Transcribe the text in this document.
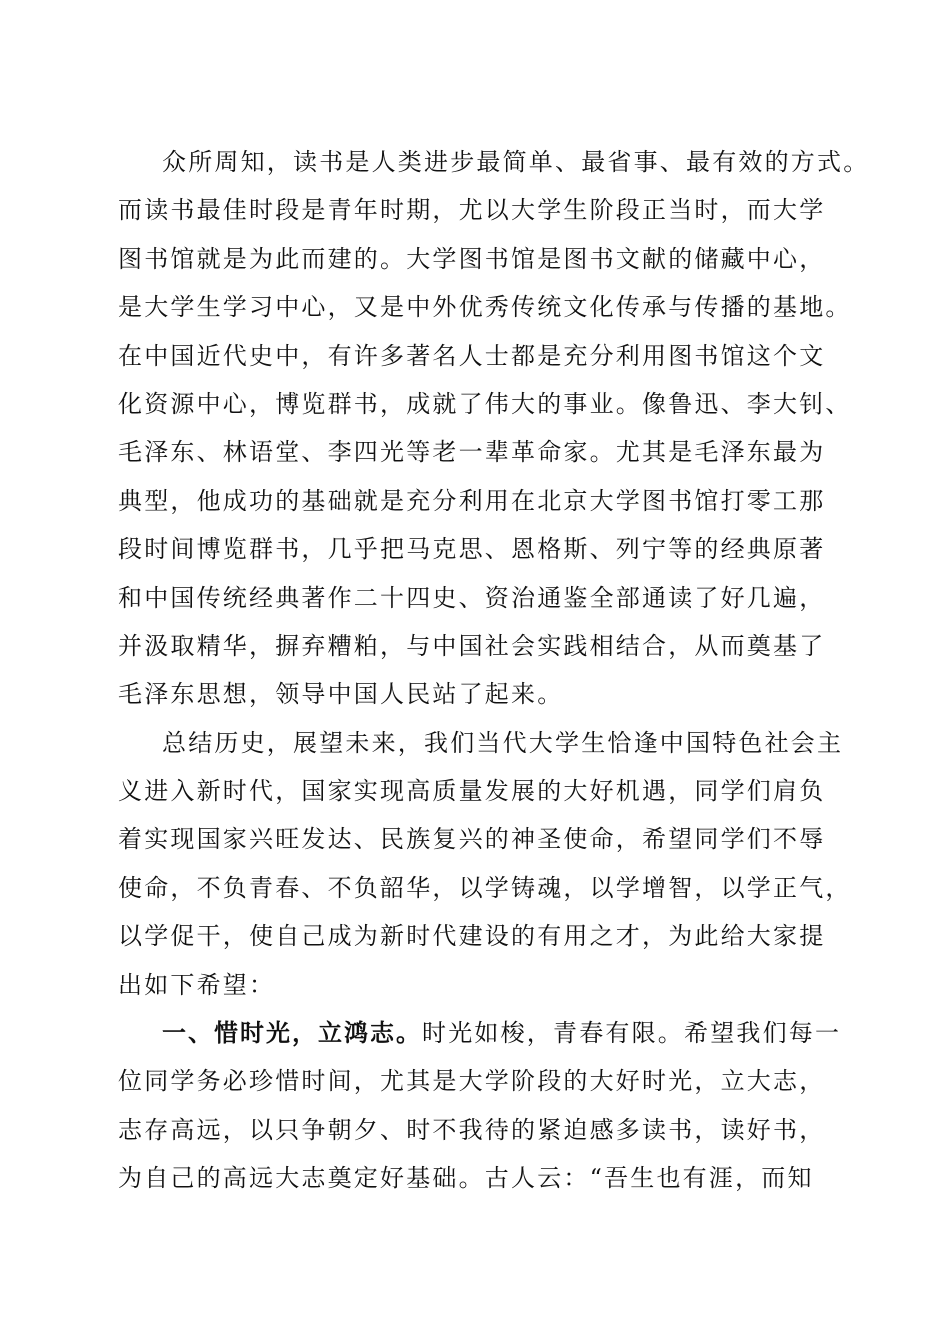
众所周知，读书是人类进步最简单、最省事、最有效的方式。
而读书最佳时段是青年时期，尤以大学生阶段正当时，而大学
图书馆就是为此而建的。大学图书馆是图书文献的储藏中心，
是大学生学习中心，又是中外优秀传统文化传承与传播的基地。
在中国近代史中，有许多著名人士都是充分利用图书馆这个文
化资源中心，博览群书，成就了伟大的事业。像鲁迅、李大钊、
毛泽东、林语堂、李四光等老一辈革命家。尤其是毛泽东最为
典型，他成功的基础就是充分利用在北京大学图书馆打零工那
段时间博览群书，几乎把马克思、恩格斯、列宁等的经典原著
和中国传统经典著作二十四史、资治通鉴全部通读了好几遍，
并汲取精华，摒弃糟粕，与中国社会实践相结合，从而奠基了
毛泽东思想，领导中国人民站了起来。
总结历史，展望未来，我们当代大学生恰逢中国特色社会主
义进入新时代，国家实现高质量发展的大好机遇，同学们肩负
着实现国家兴旺发达、民族复兴的神圣使命，希望同学们不辱
使命，不负青春、不负韶华，以学铸魂，以学增智，以学正气，
以学促干，使自己成为新时代建设的有用之才，为此给大家提
出如下希望：
一、惜时光，立鸿志。时光如梭，青春有限。希望我们每一
位同学务必珍惜时间，尤其是大学阶段的大好时光，立大志，
志存高远，以只争朝夕、时不我待的紧迫感多读书，读好书，
为自己的高远大志奠定好基础。古人云：“吾生也有涯，而知
